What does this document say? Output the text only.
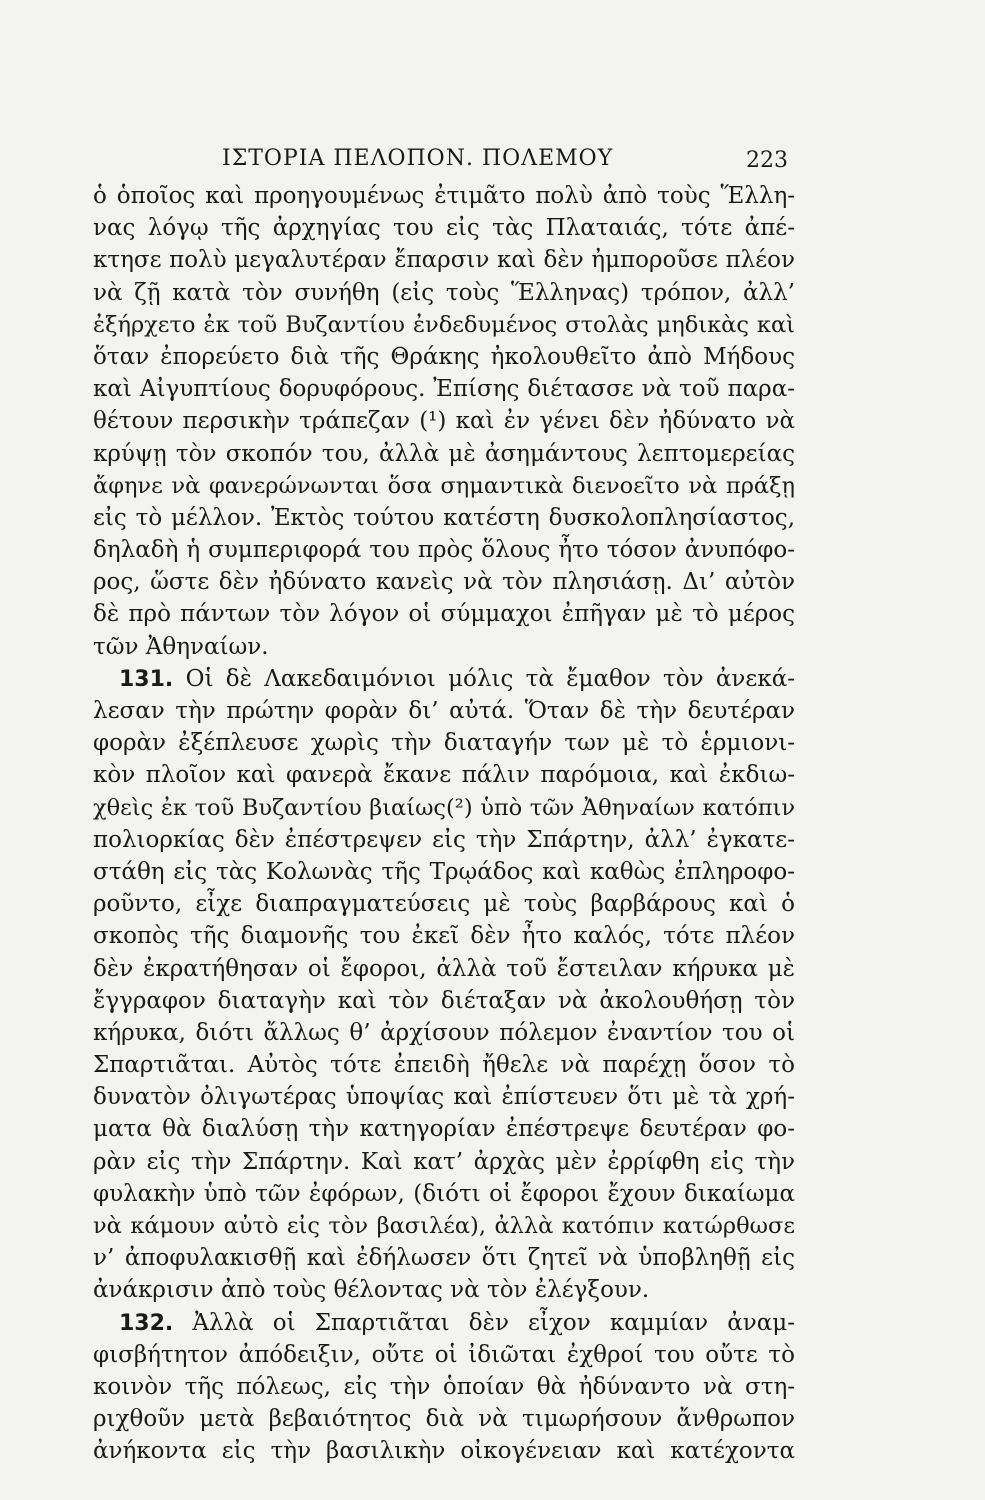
ΙΣΤΟΡΙΑ ΠΕΛΟΠΟΝ. ΠΟΛΕΜΟΥ	223
ὁ ὁποῖος καὶ προηγουμένως ἐτιμᾶτο πολὺ ἀπὸ τοὺς Ἕλλη-
νας λόγῳ τῆς ἀρχηγίας του εἰς τὰς Πλαταιάς, τότε ἀπέ-
κτησε πολὺ μεγαλυτέραν ἔπαρσιν καὶ δὲν ἠμποροῦσε πλέον
νὰ ζῇ κατὰ τὸν συνήθη (εἰς τοὺς Ἕλληνας) τρόπον, ἀλλ’
ἐξήρχετο ἐκ τοῦ Βυζαντίου ἐνδεδυμένος στολὰς μηδικὰς καὶ
ὅταν ἐπορεύετο διὰ τῆς Θράκης ἠκολουθεῖτο ἀπὸ Μήδους
καὶ Αἰγυπτίους δορυφόρους. Ἐπίσης διέτασσε νὰ τοῦ παρα-
θέτουν περσικὴν τράπεζαν (¹) καὶ ἐν γένει δὲν ἠδύνατο νὰ
κρύψῃ τὸν σκοπόν του, ἀλλὰ μὲ ἀσημάντους λεπτομερείας
ἄφηνε νὰ φανερώνωνται ὅσα σημαντικὰ διενοεῖτο νὰ πράξῃ
εἰς τὸ μέλλον. Ἐκτὸς τούτου κατέστη δυσκολοπλησίαστος,
δηλαδὴ ἡ συμπεριφορά του πρὸς ὅλους ἦτο τόσον ἀνυπόφο-
ρος, ὥστε δὲν ἠδύνατο κανεὶς νὰ τὸν πλησιάσῃ. Δι’ αὐτὸν
δὲ πρὸ πάντων τὸν λόγον οἱ σύμμαχοι ἐπῆγαν μὲ τὸ μέρος
τῶν Ἀθηναίων.
131. Οἱ δὲ Λακεδαιμόνιοι μόλις τὰ ἔμαθον τὸν ἀνεκά-
λεσαν τὴν πρώτην φορὰν δι’ αὐτά. Ὅταν δὲ τὴν δευτέραν
φορὰν ἐξέπλευσε χωρὶς τὴν διαταγήν των μὲ τὸ ἑρμιονι-
κὸν πλοῖον καὶ φανερὰ ἔκανε πάλιν παρόμοια, καὶ ἐκδιω-
χθεὶς ἐκ τοῦ Βυζαντίου βιαίως(²) ὑπὸ τῶν Ἀθηναίων κατόπιν
πολιορκίας δὲν ἐπέστρεψεν εἰς τὴν Σπάρτην, ἀλλ’ ἐγκατε-
στάθη εἰς τὰς Κολωνὰς τῆς Τρῳάδος καὶ καθὼς ἐπληροφο-
ροῦντο, εἶχε διαπραγματεύσεις μὲ τοὺς βαρβάρους καὶ ὁ
σκοπὸς τῆς διαμονῆς του ἐκεῖ δὲν ἦτο καλός, τότε πλέον
δὲν ἐκρατήθησαν οἱ ἔφοροι, ἀλλὰ τοῦ ἔστειλαν κήρυκα μὲ
ἔγγραφον διαταγὴν καὶ τὸν διέταξαν νὰ ἀκολουθήσῃ τὸν
κήρυκα, διότι ἄλλως θ’ ἀρχίσουν πόλεμον ἐναντίον του οἱ
Σπαρτιᾶται. Αὐτὸς τότε ἐπειδὴ ἤθελε νὰ παρέχῃ ὅσον τὸ
δυνατὸν ὀλιγωτέρας ὑποψίας καὶ ἐπίστευεν ὅτι μὲ τὰ χρή-
ματα θὰ διαλύσῃ τὴν κατηγορίαν ἐπέστρεψε δευτέραν φο-
ρὰν εἰς τὴν Σπάρτην. Καὶ κατ’ ἀρχὰς μὲν ἐρρίφθη εἰς τὴν
φυλακὴν ὑπὸ τῶν ἐφόρων, (διότι οἱ ἔφοροι ἔχουν δικαίωμα
νὰ κάμουν αὐτὸ εἰς τὸν βασιλέα), ἀλλὰ κατόπιν κατώρθωσε
ν’ ἀποφυλακισθῇ καὶ ἐδήλωσεν ὅτι ζητεῖ νὰ ὑποβληθῇ εἰς
ἀνάκρισιν ἀπὸ τοὺς θέλοντας νὰ τὸν ἐλέγξουν.
132. Ἀλλὰ οἱ Σπαρτιᾶται δὲν εἶχον καμμίαν ἀναμ-
φισβήτητον ἀπόδειξιν, οὔτε οἱ ἰδιῶται ἐχθροί του οὔτε τὸ
κοινὸν τῆς πόλεως, εἰς τὴν ὁποίαν θὰ ἠδύναντο νὰ στη-
ριχθοῦν μετὰ βεβαιότητος διὰ νὰ τιμωρήσουν ἄνθρωπον
ἀνήκοντα εἰς τὴν βασιλικὴν οἰκογένειαν καὶ κατέχοντα
